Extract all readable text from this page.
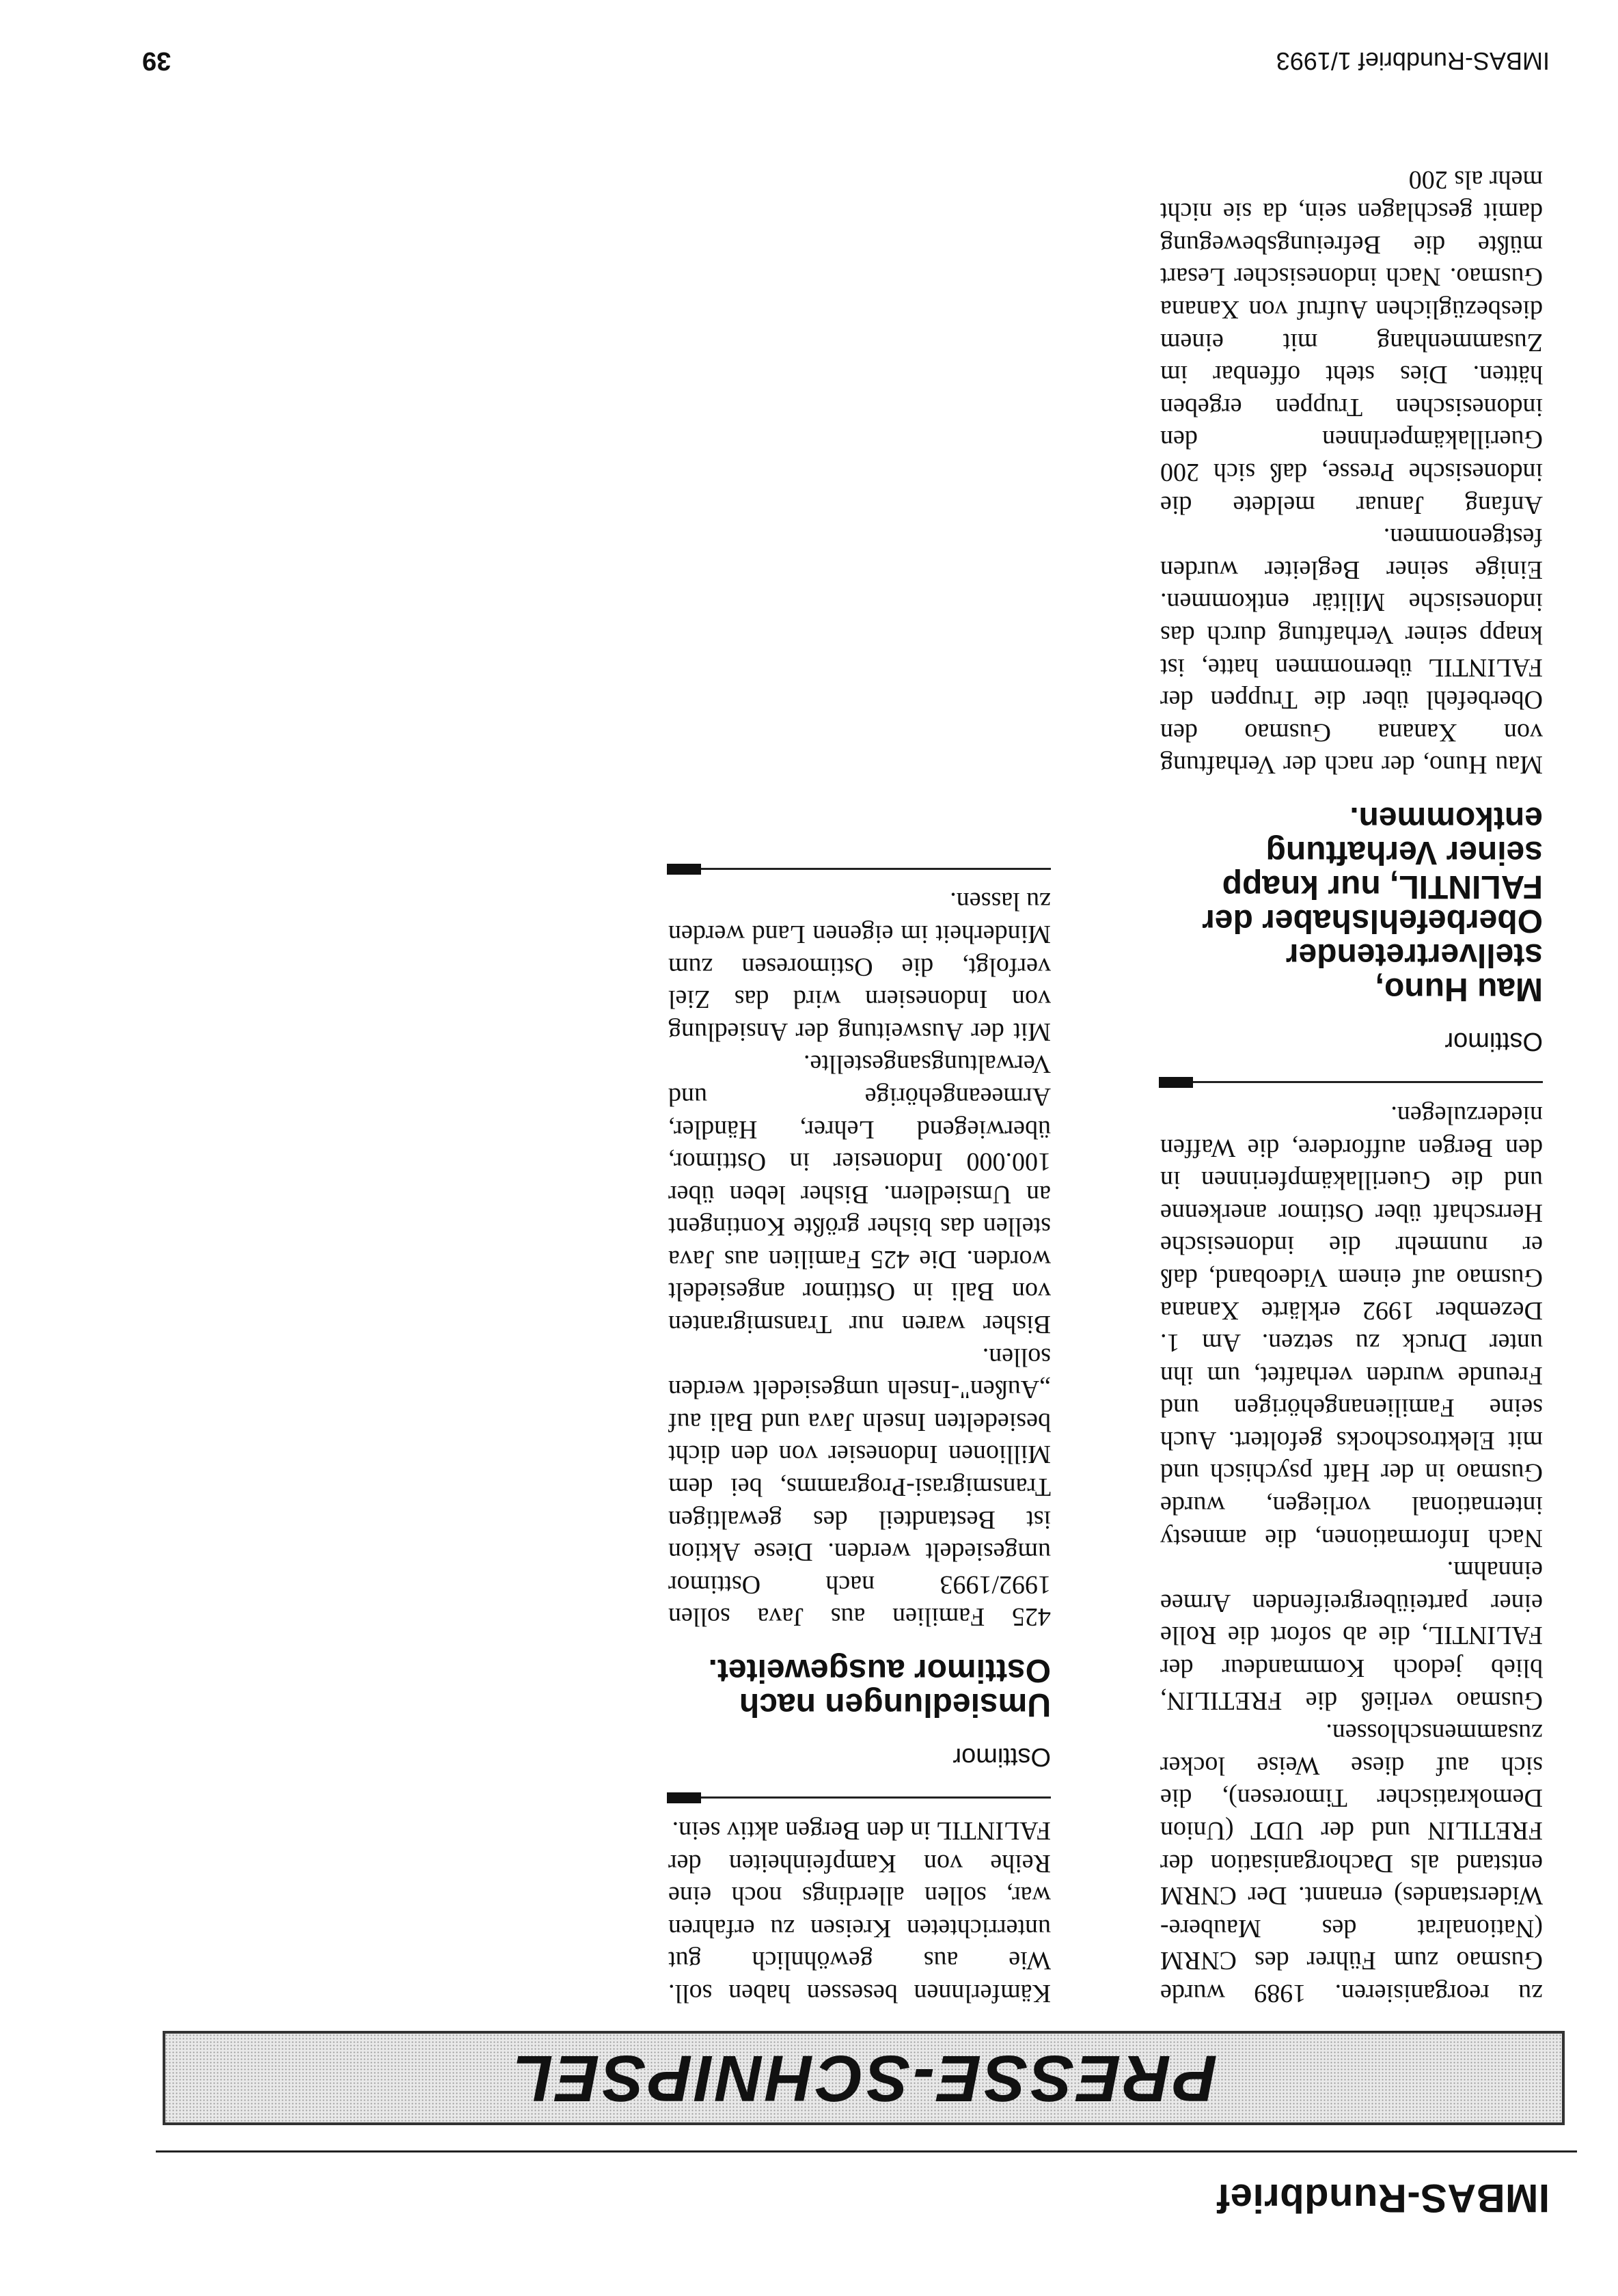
IMBAS-Rundbrief
PRESSE-SCHNIPSEL

Kämferlnnen besessen haben soll. Wie aus gewöhnlich gut unterrichteten Kreisen zu erfahren war, sollen allerdings noch eine Reihe von Kampfeinheiten der FALINTIL in den Bergen aktiv sein.

Osttimor
Umsiedlungen nach Osttimor ausgeweitet.

425 Familien aus Java sollen 1992/1993 nach Osttimor umgesiedelt werden. Diese Aktion ist Bestandteil des gewaltigen Transmigrasi-Programms, bei dem Millionen Indonesier von den dicht besiedelten Inseln Java und Bali auf „Außen"-Inseln umgesiedelt werden sollen.

Bisher waren nur Transmigranten von Bali in Osttimor angesiedelt worden. Die 425 Familien aus Java stellen das bisher größte Kontingent an Umsiedlern. Bisher leben über 100.000 Indonesier in Osttimor, überwiegend Lehrer, Händler, Armeeangehörige und Verwaltungsangestellte.

Mit der Ausweitung der Ansiedlung von Indonesiern wird das Ziel verfolgt, die Ostimoresen zum Minderheit im eigenen Land werden zu lassen.

zu reorganisieren. 1989 wurde Gusmao zum Führer des CNRM (Nationalrat des Maubere-Widerstandes) ernannt. Der CNRM entstand als Dachorganisation der FRETILIN und der UDT (Union Demokratischer Timoresen), die sich auf diese Weise locker zusammenschlossen.

Gusmao verließ die FRETILIN, blieb jedoch Kommandeur der FALINTIL, die ab sofort die Rolle einer parteiübergreifenden Armee einnahm.

Nach Informationen, die amnesty international vorliegen, wurde Gusmao in der Haft psychisch und mit Elektroschocks gefoltert. Auch seine Familienangehörigen und Freunde wurden verhaftet, um ihn unter Druck zu setzen. Am 1. Dezember 1992 erklärte Xanana Gusmao auf einem Videoband, daß er nunmehr die indonesische Herrschaft über Ostimor anerkenne und die Guerillakämpferinnen in den Bergen auffordere, die Waffen niederzulegen.

Osttimor
Mau Huno, stellvertretender Oberbefehlshaber der FALINTIL, nur knapp seiner Verhaftung entkommen.

Mau Huno, der nach der Verhaftung von Xanana Gusmao den Oberbefehl über die Truppen der FALINTIL übernommen hatte, ist knapp seiner Verhaftung durch das indonesische Militär entkommen. Einige seiner Begleiter wurden festgenommen.

Anfang Januar meldete die indonesische Presse, daß sich 200 Guerillakämperlnnen den indonesischen Truppen ergeben hätten. Dies steht offenbar im Zusammenhang mit einem diesbezüglichen Aufruf von Xanana Gusmao. Nach indonesischer Lesart müßte die Befreiungsbewegung damit geschlagen sein, da sie nicht mehr als 200

IMBAS-Rundbrief 1/1993
39
